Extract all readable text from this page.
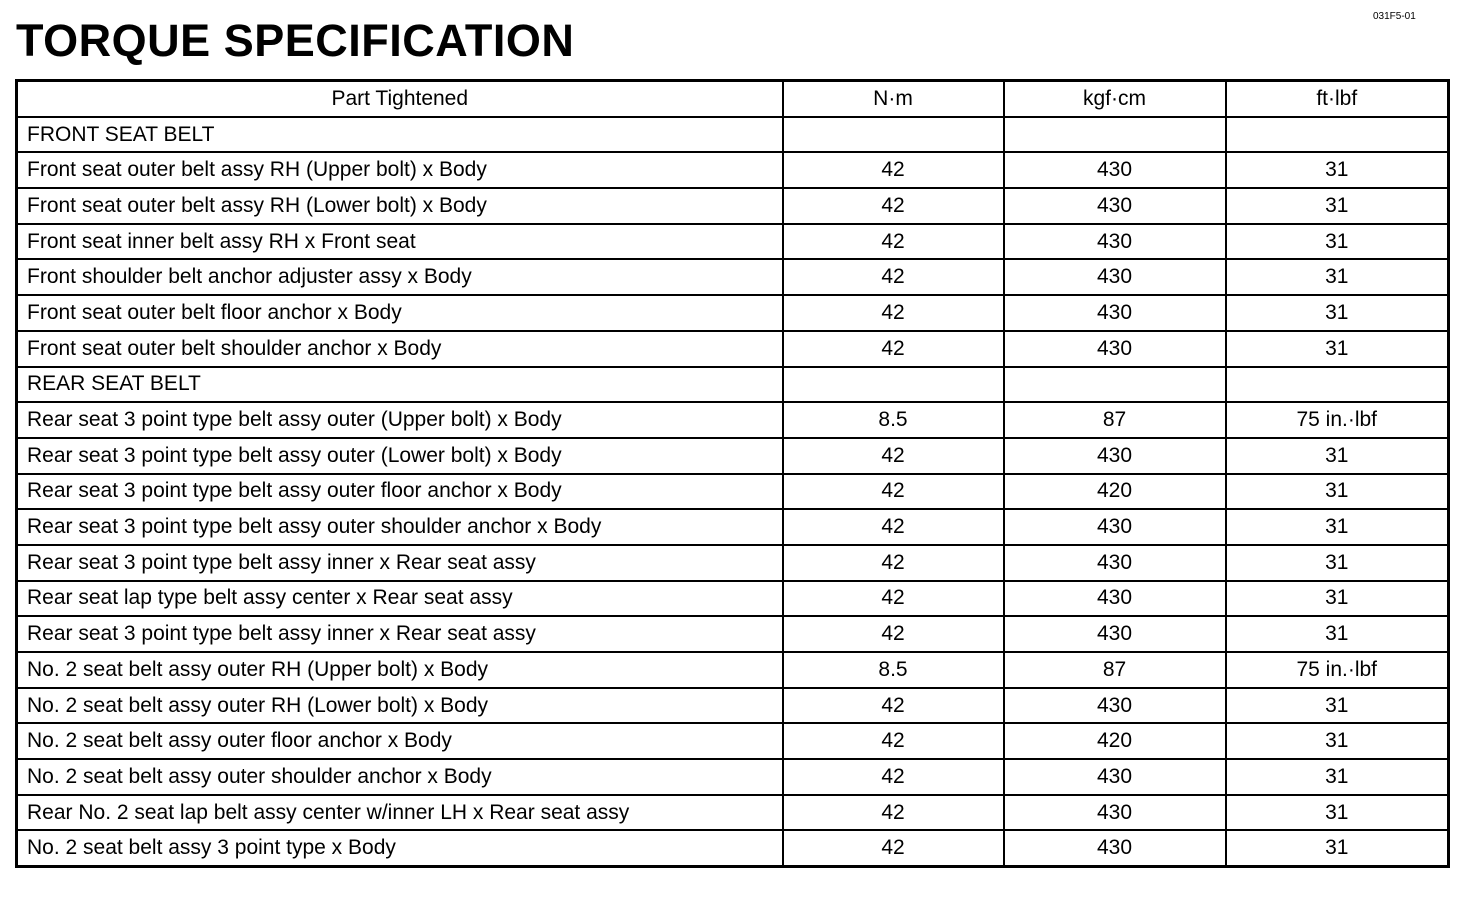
031F5-01
TORQUE SPECIFICATION
Part Tightened	N·m	kgf·cm	ft·lbf
FRONT SEAT BELT			
Front seat outer belt assy RH (Upper bolt) x Body	42	430	31
Front seat outer belt assy RH (Lower bolt) x Body	42	430	31
Front seat inner belt assy RH x Front seat	42	430	31
Front shoulder belt anchor adjuster assy x Body	42	430	31
Front seat outer belt floor anchor x Body	42	430	31
Front seat outer belt shoulder anchor x Body	42	430	31
REAR SEAT BELT			
Rear seat 3 point type belt assy outer (Upper bolt) x Body	8.5	87	75 in.·lbf
Rear seat 3 point type belt assy outer (Lower bolt) x Body	42	430	31
Rear seat 3 point type belt assy outer floor anchor x Body	42	420	31
Rear seat 3 point type belt assy outer shoulder anchor x Body	42	430	31
Rear seat 3 point type belt assy inner x Rear seat assy	42	430	31
Rear seat lap type belt assy center x Rear seat assy	42	430	31
Rear seat 3 point type belt assy inner x Rear seat assy	42	430	31
No. 2 seat belt assy outer RH (Upper bolt) x Body	8.5	87	75 in.·lbf
No. 2 seat belt assy outer RH (Lower bolt) x Body	42	430	31
No. 2 seat belt assy outer floor anchor x Body	42	420	31
No. 2 seat belt assy outer shoulder anchor x Body	42	430	31
Rear No. 2 seat lap belt assy center w/inner LH x Rear seat assy	42	430	31
No. 2 seat belt assy 3 point type x Body	42	430	31
